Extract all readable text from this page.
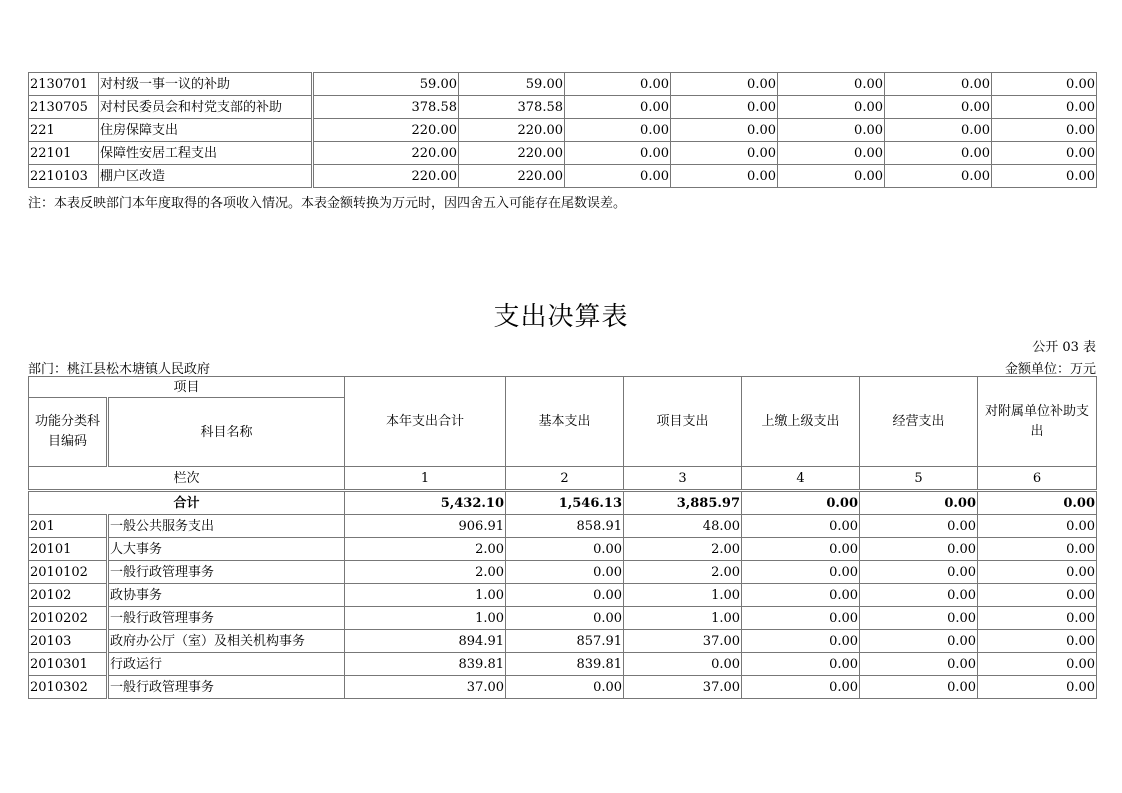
2130701	对村级一事一议的补助	59.00	59.00	0.00	0.00	0.00	0.00	0.00
2130705	对村民委员会和村党支部的补助	378.58	378.58	0.00	0.00	0.00	0.00	0.00
221	住房保障支出	220.00	220.00	0.00	0.00	0.00	0.00	0.00
22101	保障性安居工程支出	220.00	220.00	0.00	0.00	0.00	0.00	0.00
2210103	棚户区改造	220.00	220.00	0.00	0.00	0.00	0.00	0.00
注：本表反映部门本年度取得的各项收入情况。本表金额转换为万元时，因四舍五入可能存在尾数误差。
支出决算表
公开 03 表
部门：桃江县松木塘镇人民政府	金额单位：万元
项目		本年支出合计	基本支出	项目支出	上缴上级支出	经营支出	对附属单位补助支出
功能分类科目编码	科目名称						
栏次		1	2	3	4	5	6
合计		5,432.10	1,546.13	3,885.97	0.00	0.00	0.00
201	一般公共服务支出	906.91	858.91	48.00	0.00	0.00	0.00
20101	人大事务	2.00	0.00	2.00	0.00	0.00	0.00
2010102	一般行政管理事务	2.00	0.00	2.00	0.00	0.00	0.00
20102	政协事务	1.00	0.00	1.00	0.00	0.00	0.00
2010202	一般行政管理事务	1.00	0.00	1.00	0.00	0.00	0.00
20103	政府办公厅（室）及相关机构事务	894.91	857.91	37.00	0.00	0.00	0.00
2010301	行政运行	839.81	839.81	0.00	0.00	0.00	0.00
2010302	一般行政管理事务	37.00	0.00	37.00	0.00	0.00	0.00
